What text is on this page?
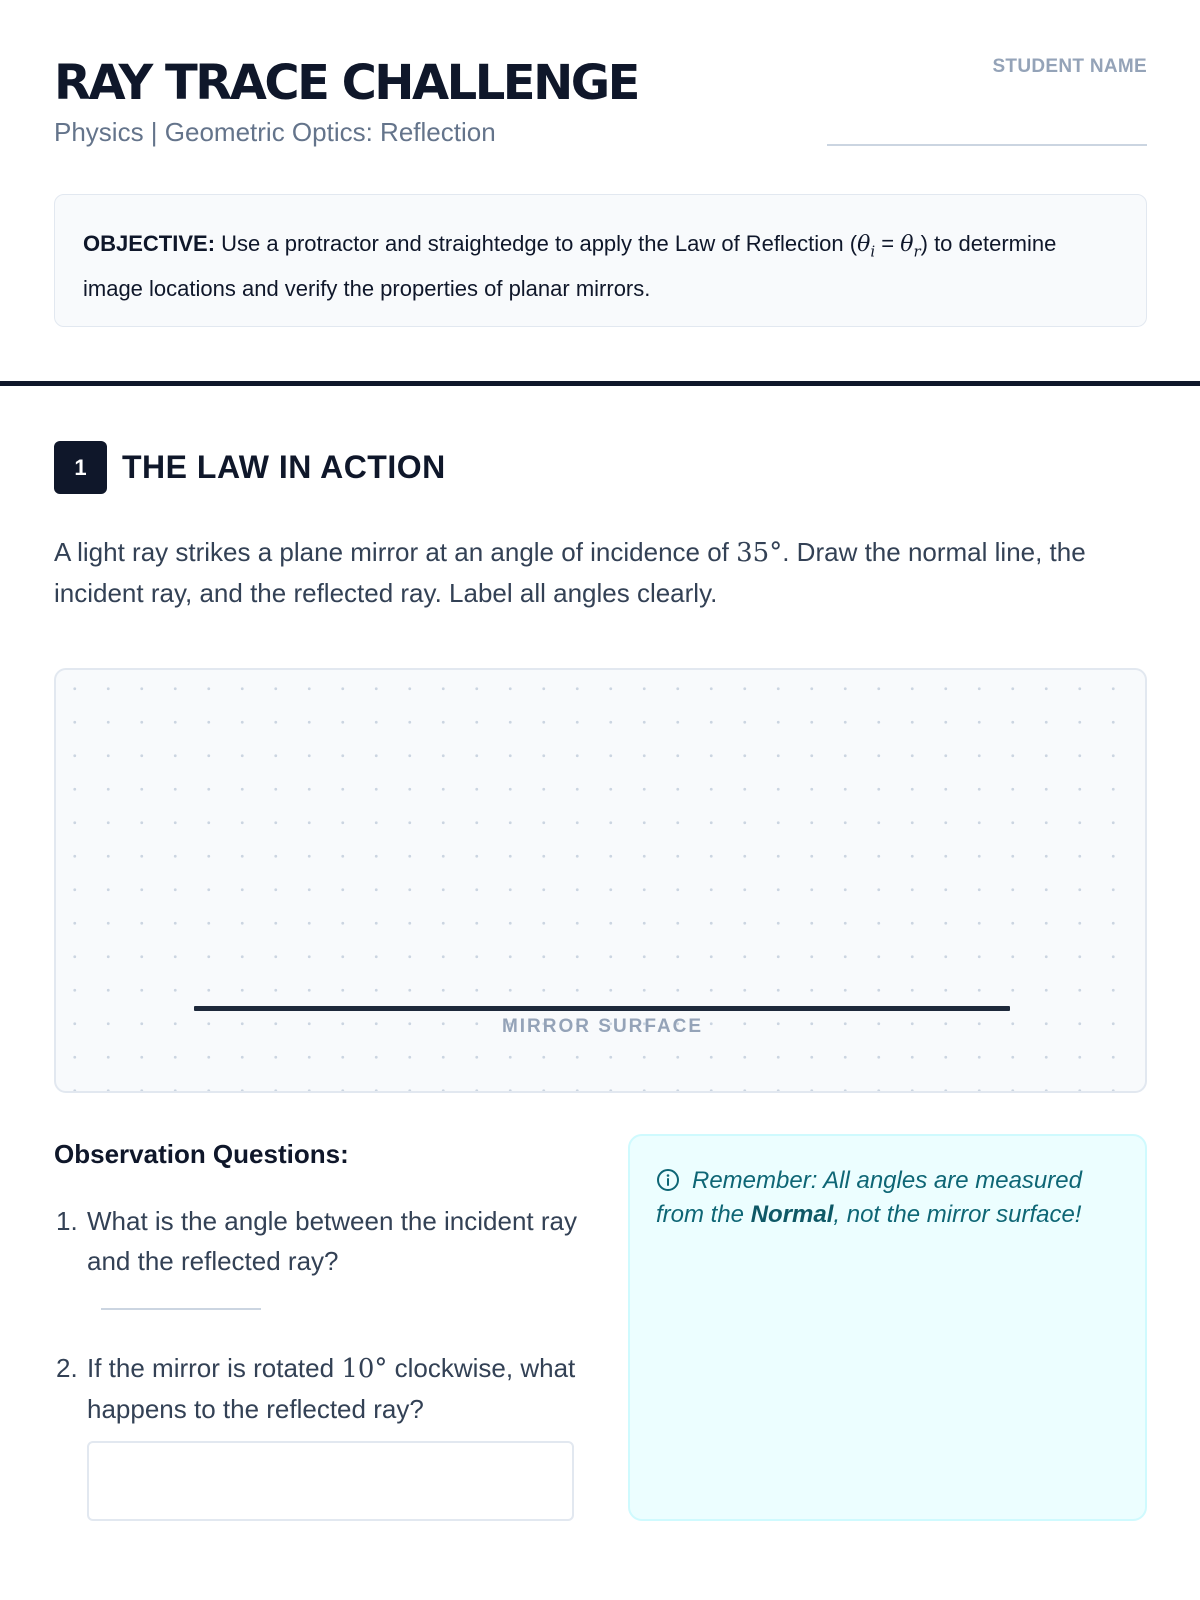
RAY TRACE CHALLENGE
Physics | Geometric Optics: Reflection
STUDENT NAME
OBJECTIVE: Use a protractor and straightedge to apply the Law of Reflection $(\theta_i = \theta_r)$ to determine image locations and verify the properties of planar mirrors.
1	THE LAW IN ACTION
A light ray strikes a plane mirror at an angle of incidence of 35°. Draw the normal line, the incident ray, and the reflected ray. Label all angles clearly.
MIRROR SURFACE
Observation Questions:
1. What is the angle between the incident ray and the reflected ray?
2. If the mirror is rotated 10° clockwise, what happens to the reflected ray?
Remember: All angles are measured from the Normal, not the mirror surface!
